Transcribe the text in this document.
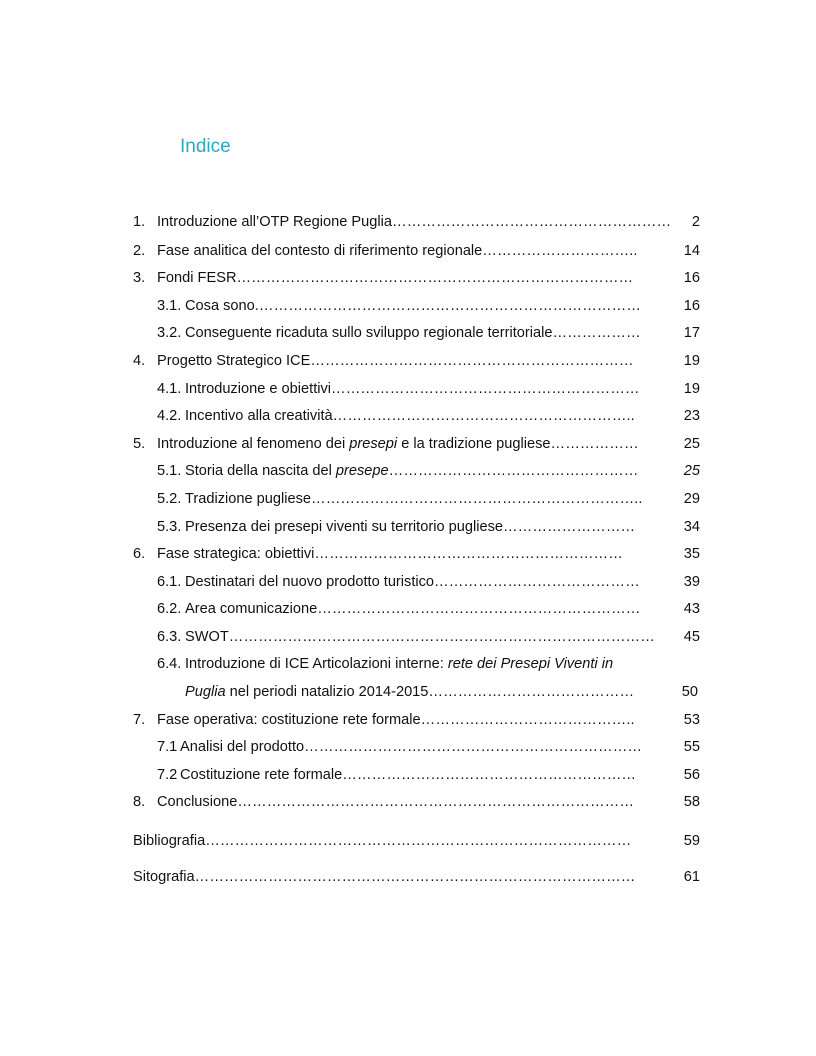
Indice
1. Introduzione all’OTP Regione Puglia	2
…………………………………………………
2. Fase analitica del contesto di riferimento regionale	14
…………………………..
3. Fondi FESR	16
………………………………………………………………………
3.1. Cosa sono	16
.……………………………………………………………………
3.2. Conseguente ricaduta sullo sviluppo regionale territoriale	17
………………
4. Progetto Strategico ICE	19
…………………………………………………………
4.1. Introduzione e obiettivi	19
………………………………………………………
4.2. Incentivo alla creatività	23
……………………………………………………..
5. Introduzione al fenomeno dei presepi e la tradizione pugliese	25
………………
5.1. Storia della nascita del presepe	25
……………………………………………
5.2. Tradizione pugliese	29
…………………………………………………………..
5.3. Presenza dei presepi viventi su territorio pugliese	34
………………………
6. Fase strategica: obiettivi	35
………………………………………………………
6.1. Destinatari del nuovo prodotto turistico	39
……………………………………
6.2. Area comunicazione	43
…………………………………………………………
6.3. SWOT	45
……………………………………………………………………………
6.4. Introduzione di ICE Articolazioni interne: rete dei Presepi Viventi in
Puglia nel periodi natalizio 2014-2015	50
……………………………………
7. Fase operativa: costituzione rete formale	53
……………………………………..
7.1 Analisi del prodotto	55
……………………………………………………………
7.2 Costituzione rete formale	56
……………………………………………………
8. Conclusione	58
………………………………………………………………………
Bibliografia	59
……………………………………………………………………………
Sitografia	61
………………………………………………………………………………
